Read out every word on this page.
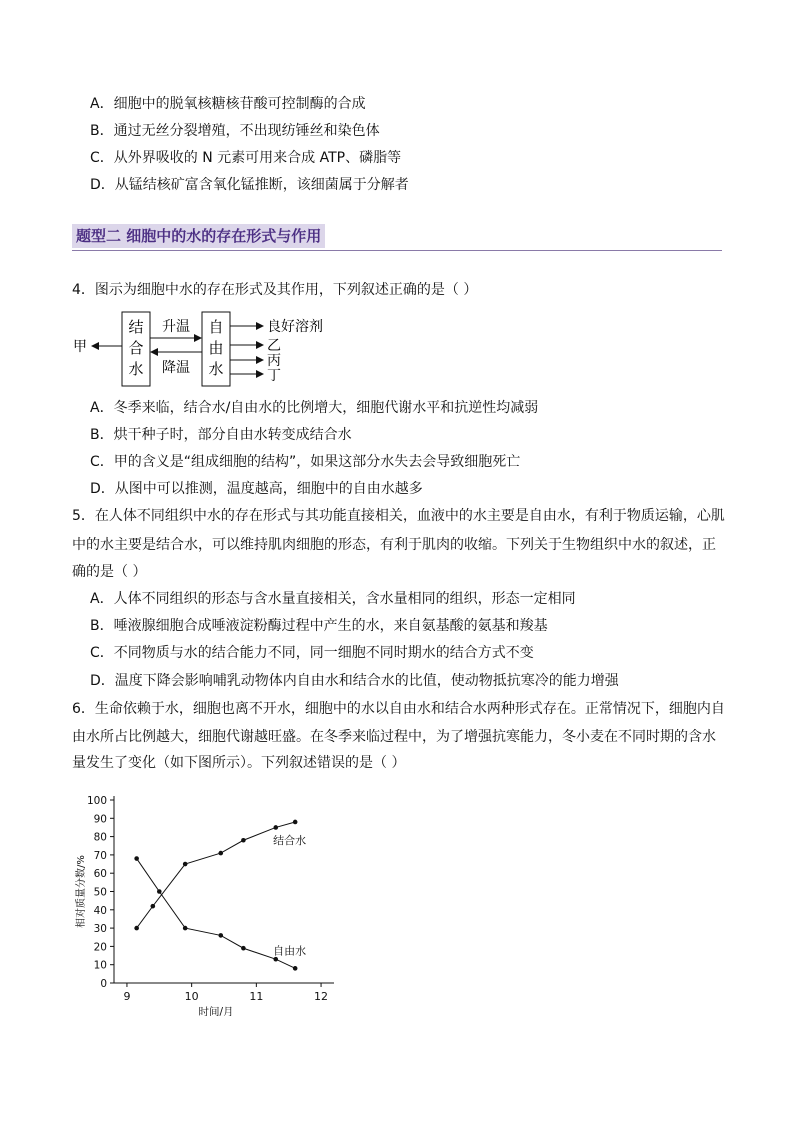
A．细胞中的脱氧核糖核苷酸可控制酶的合成
B．通过无丝分裂增殖，不出现纺锤丝和染色体
C．从外界吸收的 N 元素可用来合成 ATP、磷脂等
D．从锰结核矿富含氧化锰推断，该细菌属于分解者
题型二 细胞中的水的存在形式与作用
4．图示为细胞中水的存在形式及其作用，下列叙述正确的是（ ）
结
合
水
自
由
水
升温
降温
甲
良好溶剂
乙
丙
丁
A．冬季来临，结合水/自由水的比例增大，细胞代谢水平和抗逆性均减弱
B．烘干种子时，部分自由水转变成结合水
C．甲的含义是“组成细胞的结构”，如果这部分水失去会导致细胞死亡
D．从图中可以推测，温度越高，细胞中的自由水越多
5．在人体不同组织中水的存在形式与其功能直接相关，血液中的水主要是自由水，有利于物质运输，心肌
中的水主要是结合水，可以维持肌肉细胞的形态，有利于肌肉的收缩。下列关于生物组织中水的叙述，正
确的是（ ）
A．人体不同组织的形态与含水量直接相关，含水量相同的组织，形态一定相同
B．唾液腺细胞合成唾液淀粉酶过程中产生的水，来自氨基酸的氨基和羧基
C．不同物质与水的结合能力不同，同一细胞不同时期水的结合方式不变
D．温度下降会影响哺乳动物体内自由水和结合水的比值，使动物抵抗寒冷的能力增强
6．生命依赖于水，细胞也离不开水，细胞中的水以自由水和结合水两种形式存在。正常情况下，细胞内自
由水所占比例越大，细胞代谢越旺盛。在冬季来临过程中，为了增强抗寒能力，冬小麦在不同时期的含水
量发生了变化（如下图所示）。下列叙述错误的是（ ）
0
10
20
30
40
50
60
70
80
90
100
9	10	11	12
时间/月
相对质量分数/%
结合水
自由水
